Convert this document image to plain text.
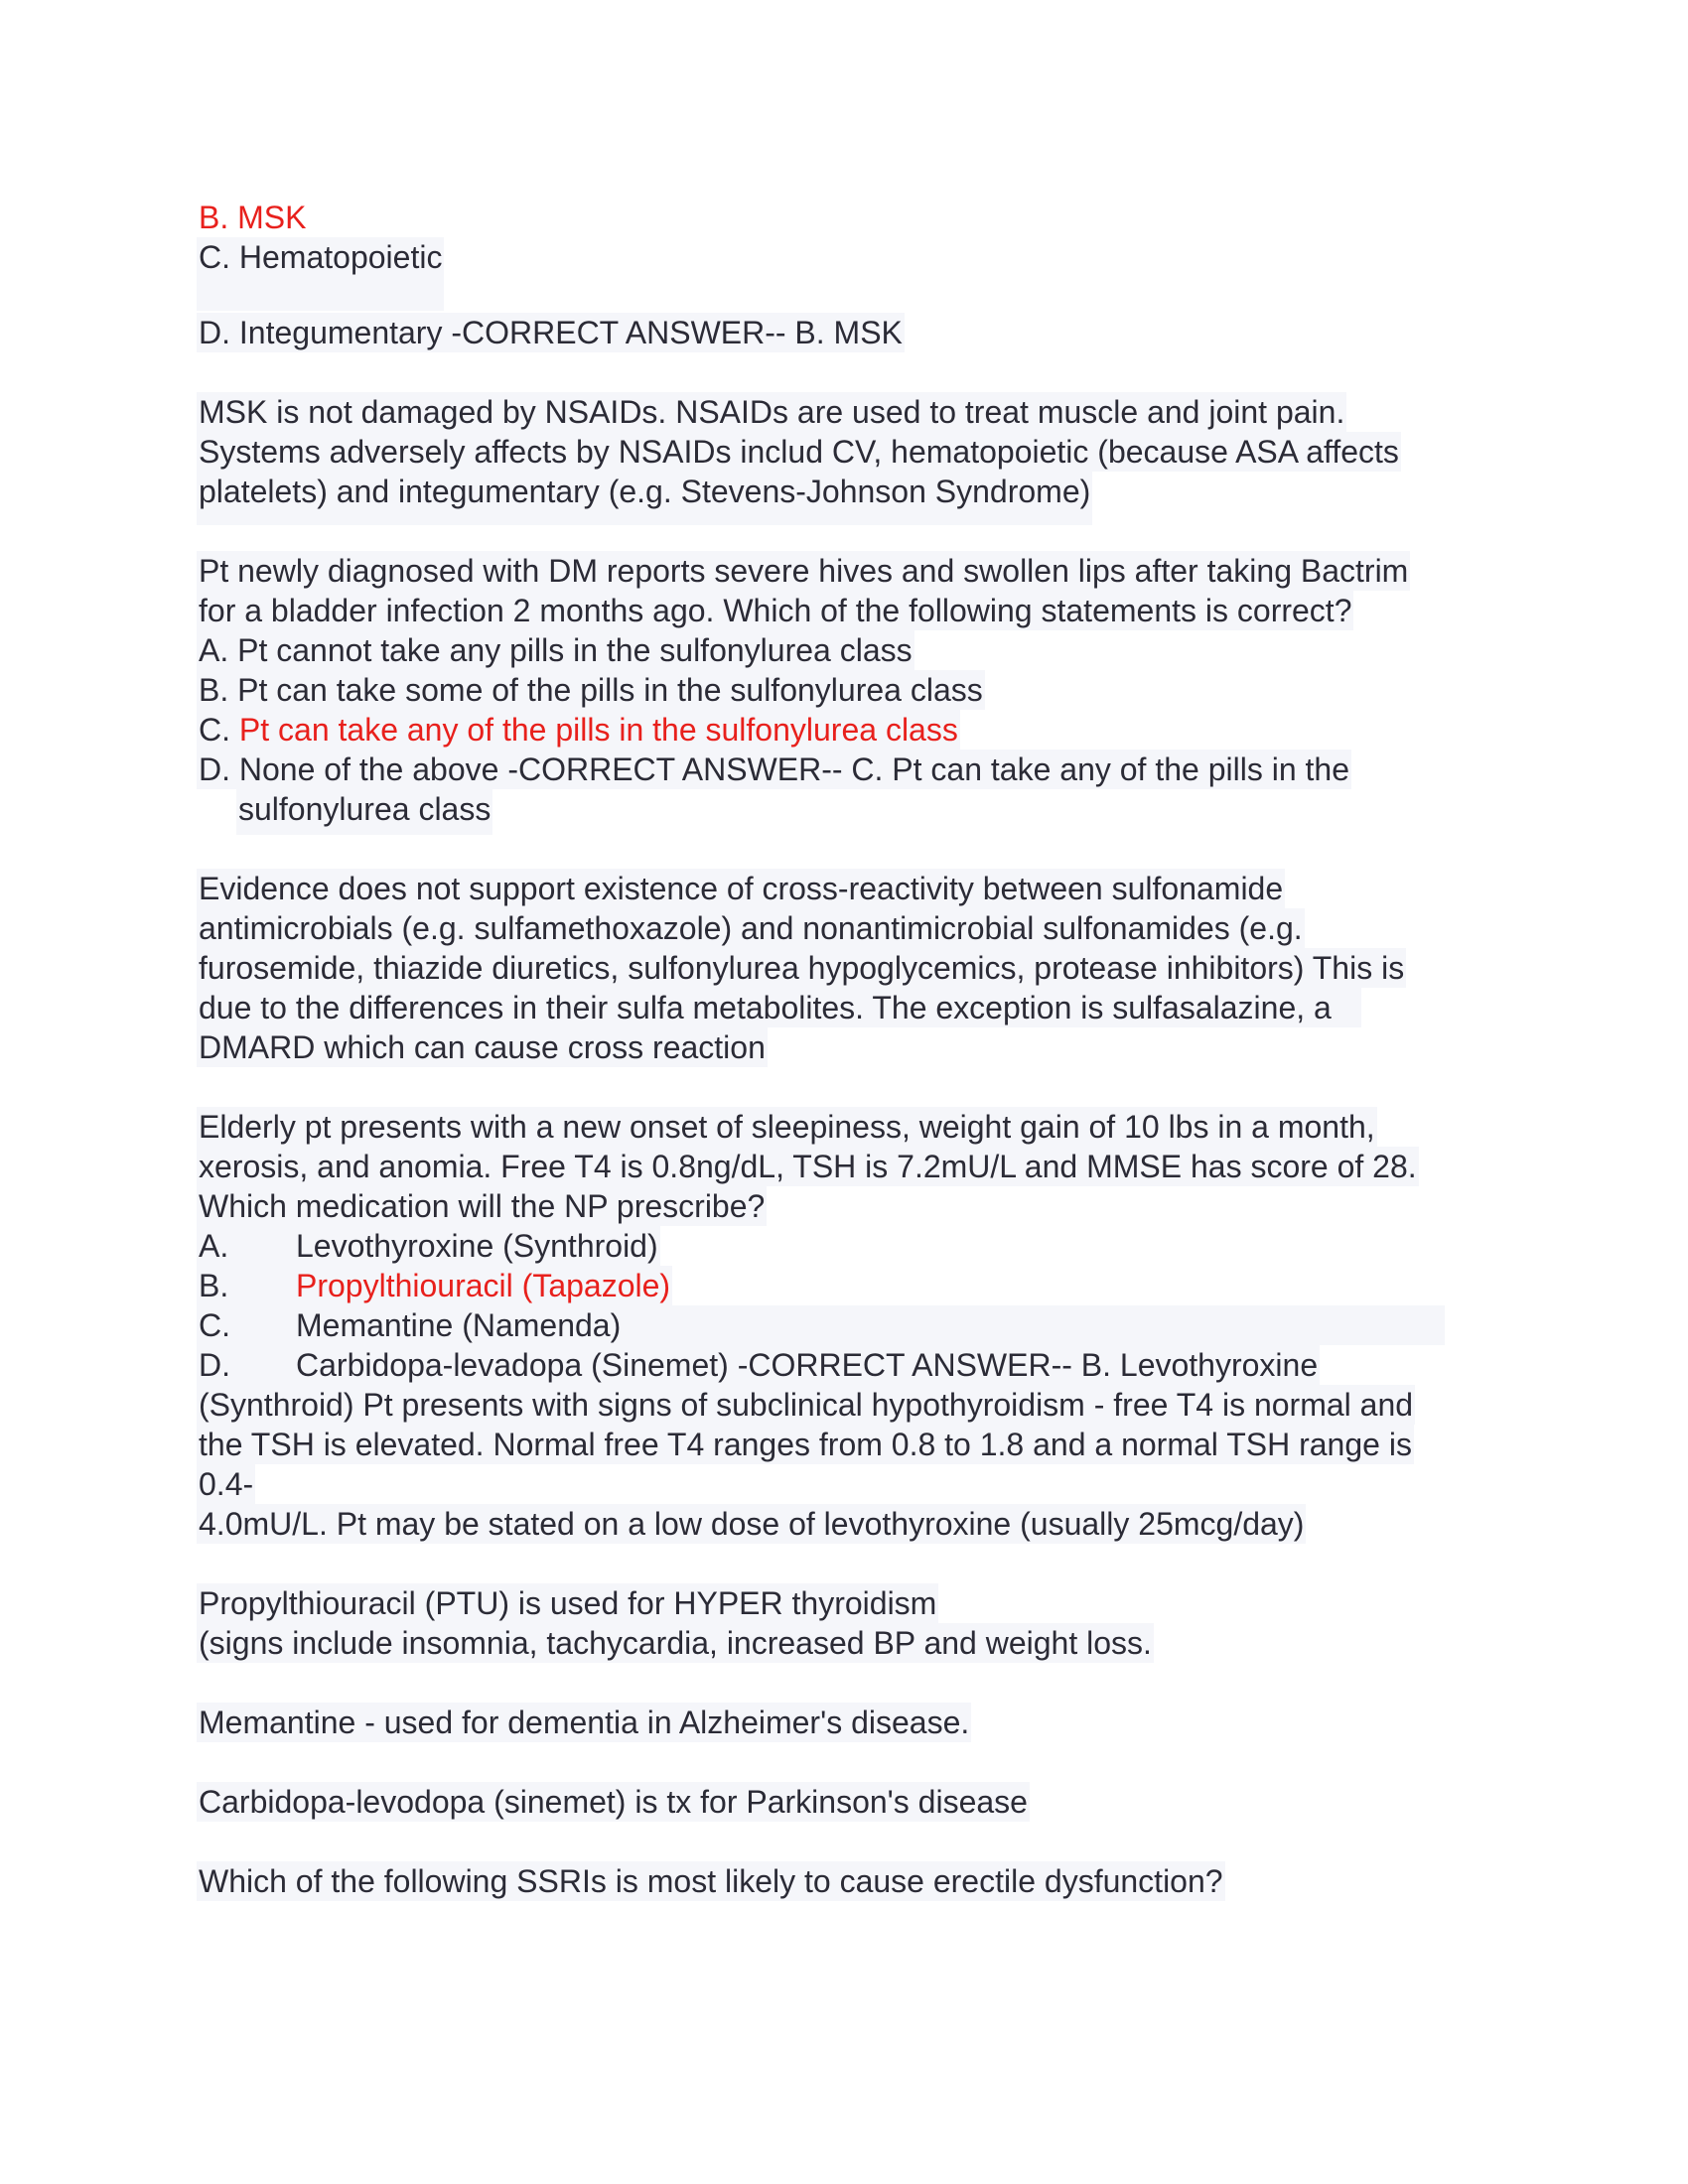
B. MSK
C. Hematopoietic
D. Integumentary -CORRECT ANSWER-- B. MSK
MSK is not damaged by NSAIDs. NSAIDs are used to treat muscle and joint pain.
Systems adversely affects by NSAIDs includ CV, hematopoietic (because ASA affects
platelets) and integumentary (e.g. Stevens-Johnson Syndrome)
Pt newly diagnosed with DM reports severe hives and swollen lips after taking Bactrim
for a bladder infection 2 months ago. Which of the following statements is correct?
A. Pt cannot take any pills in the sulfonylurea class
B. Pt can take some of the pills in the sulfonylurea class
C. Pt can take any of the pills in the sulfonylurea class
D. None of the above -CORRECT ANSWER-- C. Pt can take any of the pills in the
sulfonylurea class
Evidence does not support existence of cross-reactivity between sulfonamide
antimicrobials (e.g. sulfamethoxazole) and nonantimicrobial sulfonamides (e.g.
furosemide, thiazide diuretics, sulfonylurea hypoglycemics, protease inhibitors) This is
due to the differences in their sulfa metabolites. The exception is sulfasalazine, a
DMARD which can cause cross reaction
Elderly pt presents with a new onset of sleepiness, weight gain of 10 lbs in a month,
xerosis, and anomia. Free T4 is 0.8ng/dL, TSH is 7.2mU/L and MMSE has score of 28.
Which medication will the NP prescribe?
A. Levothyroxine (Synthroid)
B. Propylthiouracil (Tapazole)
C. Memantine (Namenda)
D. Carbidopa-levadopa (Sinemet) -CORRECT ANSWER-- B. Levothyroxine
(Synthroid) Pt presents with signs of subclinical hypothyroidism - free T4 is normal and
the TSH is elevated. Normal free T4 ranges from 0.8 to 1.8 and a normal TSH range is
0.4-
4.0mU/L. Pt may be stated on a low dose of levothyroxine (usually 25mcg/day)
Propylthiouracil (PTU) is used for HYPER thyroidism
(signs include insomnia, tachycardia, increased BP and weight loss.
Memantine - used for dementia in Alzheimer's disease.
Carbidopa-levodopa (sinemet) is tx for Parkinson's disease
Which of the following SSRIs is most likely to cause erectile dysfunction?
